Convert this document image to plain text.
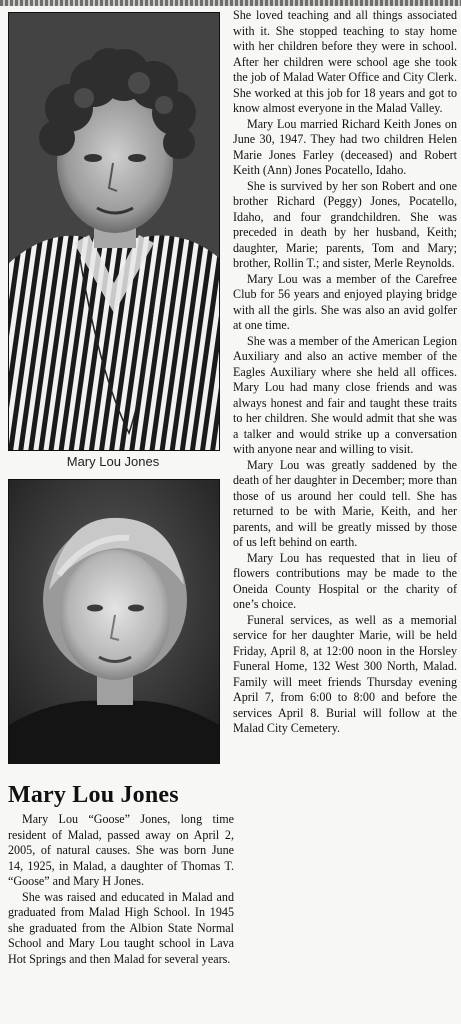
Mary Lou Jones
Mary Lou Jones

Mary Lou “Goose” Jones, long time resident of Malad, passed away on April 2, 2005, of natural causes. She was born June 14, 1925, in Malad, a daughter of Thomas T. “Goose” and Mary H Jones.

She was raised and educated in Malad and graduated from Malad High School. In 1945 she graduated from the Albion State Normal School and Mary Lou taught school in Lava Hot Springs and then Malad for several years.

She loved teaching and all things associated with it. She stopped teaching to stay home with her children before they were in school. After her children were school age she took the job of Malad Water Office and City Clerk. She worked at this job for 18 years and got to know almost everyone in the Malad Valley.

Mary Lou married Richard Keith Jones on June 30, 1947. They had two children Helen Marie Jones Farley (deceased) and Robert Keith (Ann) Jones Pocatello, Idaho.

She is survived by her son Robert and one brother Richard (Peggy) Jones, Pocatello, Idaho, and four grandchildren. She was preceded in death by her husband, Keith; daughter, Marie; parents, Tom and Mary; brother, Rollin T.; and sister, Merle Reynolds.

Mary Lou was a member of the Carefree Club for 56 years and enjoyed playing bridge with all the girls. She was also an avid golfer at one time.

She was a member of the American Legion Auxiliary and also an active member of the Eagles Auxiliary where she held all offices. Mary Lou had many close friends and was always honest and fair and taught these traits to her children. She would admit that she was a talker and would strike up a conversation with anyone near and willing to visit.

Mary Lou was greatly saddened by the death of her daughter in December; more than those of us around her could tell. She has returned to be with Marie, Keith, and her parents, and will be greatly missed by those of us left behind on earth.

Mary Lou has requested that in lieu of flowers contributions may be made to the Oneida County Hospital or the charity of one’s choice.

Funeral services, as well as a memorial service for her daughter Marie, will be held Friday, April 8, at 12:00 noon in the Horsley Funeral Home, 132 West 300 North, Malad. Family will meet friends Thursday evening April 7, from 6:00 to 8:00 and before the services April 8. Burial will follow at the Malad City Cemetery.
